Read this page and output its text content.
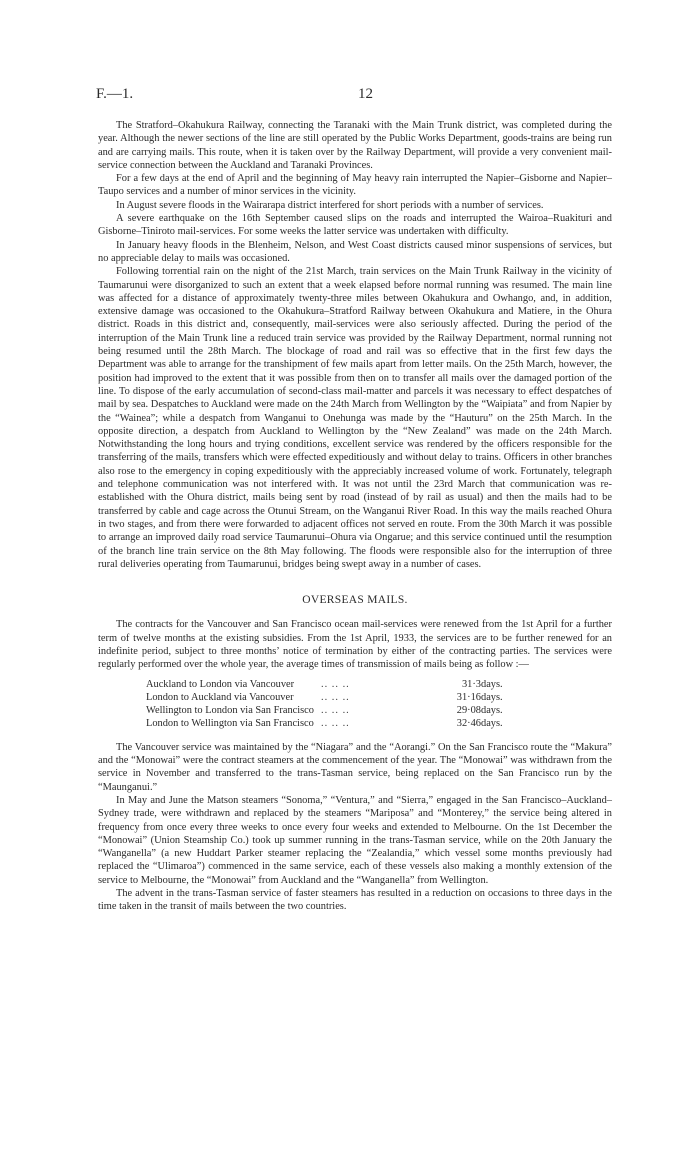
F.—1.	12

The Stratford–Okahukura Railway, connecting the Taranaki with the Main Trunk district, was completed during the year. Although the newer sections of the line are still operated by the Public Works Department, goods-trains are being run and are carrying mails. This route, when it is taken over by the Railway Department, will provide a very convenient mail-service connection between the Auckland and Taranaki Provinces.

For a few days at the end of April and the beginning of May heavy rain interrupted the Napier–Gisborne and Napier–Taupo services and a number of minor services in the vicinity.

In August severe floods in the Wairarapa district interfered for short periods with a number of services.

A severe earthquake on the 16th September caused slips on the roads and interrupted the Wairoa–Ruakituri and Gisborne–Tiniroto mail-services. For some weeks the latter service was undertaken with difficulty.

In January heavy floods in the Blenheim, Nelson, and West Coast districts caused minor suspensions of services, but no appreciable delay to mails was occasioned.

Following torrential rain on the night of the 21st March, train services on the Main Trunk Railway in the vicinity of Taumarunui were disorganized to such an extent that a week elapsed before normal running was resumed. The main line was affected for a distance of approximately twenty-three miles between Okahukura and Owhango, and, in addition, extensive damage was occasioned to the Okahukura–Stratford Railway between Okahukura and Matiere, in the Ohura district. Roads in this district and, consequently, mail-services were also seriously affected. During the period of the interruption of the Main Trunk line a reduced train service was provided by the Railway Department, normal running not being resumed until the 28th March. The blockage of road and rail was so effective that in the first few days the Department was able to arrange for the transhipment of few mails apart from letter mails. On the 25th March, however, the position had improved to the extent that it was possible from then on to transfer all mails over the damaged portion of the line. To dispose of the early accumulation of second-class mail-matter and parcels it was necessary to effect despatches of mail by sea. Despatches to Auckland were made on the 24th March from Wellington by the “Waipiata” and from Napier by the “Wainea”; while a despatch from Wanganui to Onehunga was made by the “Hauturu” on the 25th March. In the opposite direction, a despatch from Auckland to Wellington by the “New Zealand” was made on the 24th March. Notwithstanding the long hours and trying conditions, excellent service was rendered by the officers responsible for the transferring of the mails, transfers which were effected expeditiously and without delay to trains. Officers in other branches also rose to the emergency in coping expeditiously with the appreciably increased volume of work. Fortunately, telegraph and telephone communication was not interfered with. It was not until the 23rd March that communication was re-established with the Ohura district, mails being sent by road (instead of by rail as usual) and then the mails had to be transferred by cable and cage across the Otunui Stream, on the Wanganui River Road. In this way the mails reached Ohura in two stages, and from there were forwarded to adjacent offices not served en route. From the 30th March it was possible to arrange an improved daily road service Taumarunui–Ohura via Ongarue; and this service continued until the resumption of the branch line train service on the 8th May following. The floods were responsible also for the interruption of three rural deliveries operating from Taumarunui, bridges being swept away in a number of cases.

OVERSEAS MAILS.

The contracts for the Vancouver and San Francisco ocean mail-services were renewed from the 1st April for a further term of twelve months at the existing subsidies. From the 1st April, 1933, the services are to be further renewed for an indefinite period, subject to three months’ notice of termination by either of the contracting parties. The services were regularly performed over the whole year, the average times of transmission of mails being as follow :—

Auckland to London via Vancouver	.. .. ..	31·3	days.
London to Auckland via Vancouver	.. .. ..	31·16	days.
Wellington to London via San Francisco	.. .. ..	29·08	days.
London to Wellington via San Francisco	.. .. ..	32·46	days.

The Vancouver service was maintained by the “Niagara” and the “Aorangi.” On the San Francisco route the “Makura” and the “Monowai” were the contract steamers at the commencement of the year. The “Monowai” was withdrawn from the service in November and transferred to the trans-Tasman service, being replaced on the San Francisco run by the “Maunganui.”

In May and June the Matson steamers “Sonoma,” “Ventura,” and “Sierra,” engaged in the San Francisco–Auckland–Sydney trade, were withdrawn and replaced by the steamers “Mariposa” and “Monterey,” the service being altered in frequency from once every three weeks to once every four weeks and extended to Melbourne. On the 1st December the “Monowai” (Union Steamship Co.) took up summer running in the trans-Tasman service, while on the 20th January the “Wanganella” (a new Huddart Parker steamer replacing the “Zealandia,” which vessel some months previously had replaced the “Ulimaroa”) commenced in the same service, each of these vessels also making a monthly extension of the service to Melbourne, the “Monowai” from Auckland and the “Wanganella” from Wellington.

The advent in the trans-Tasman service of faster steamers has resulted in a reduction on occasions to three days in the time taken in the transit of mails between the two countries.
